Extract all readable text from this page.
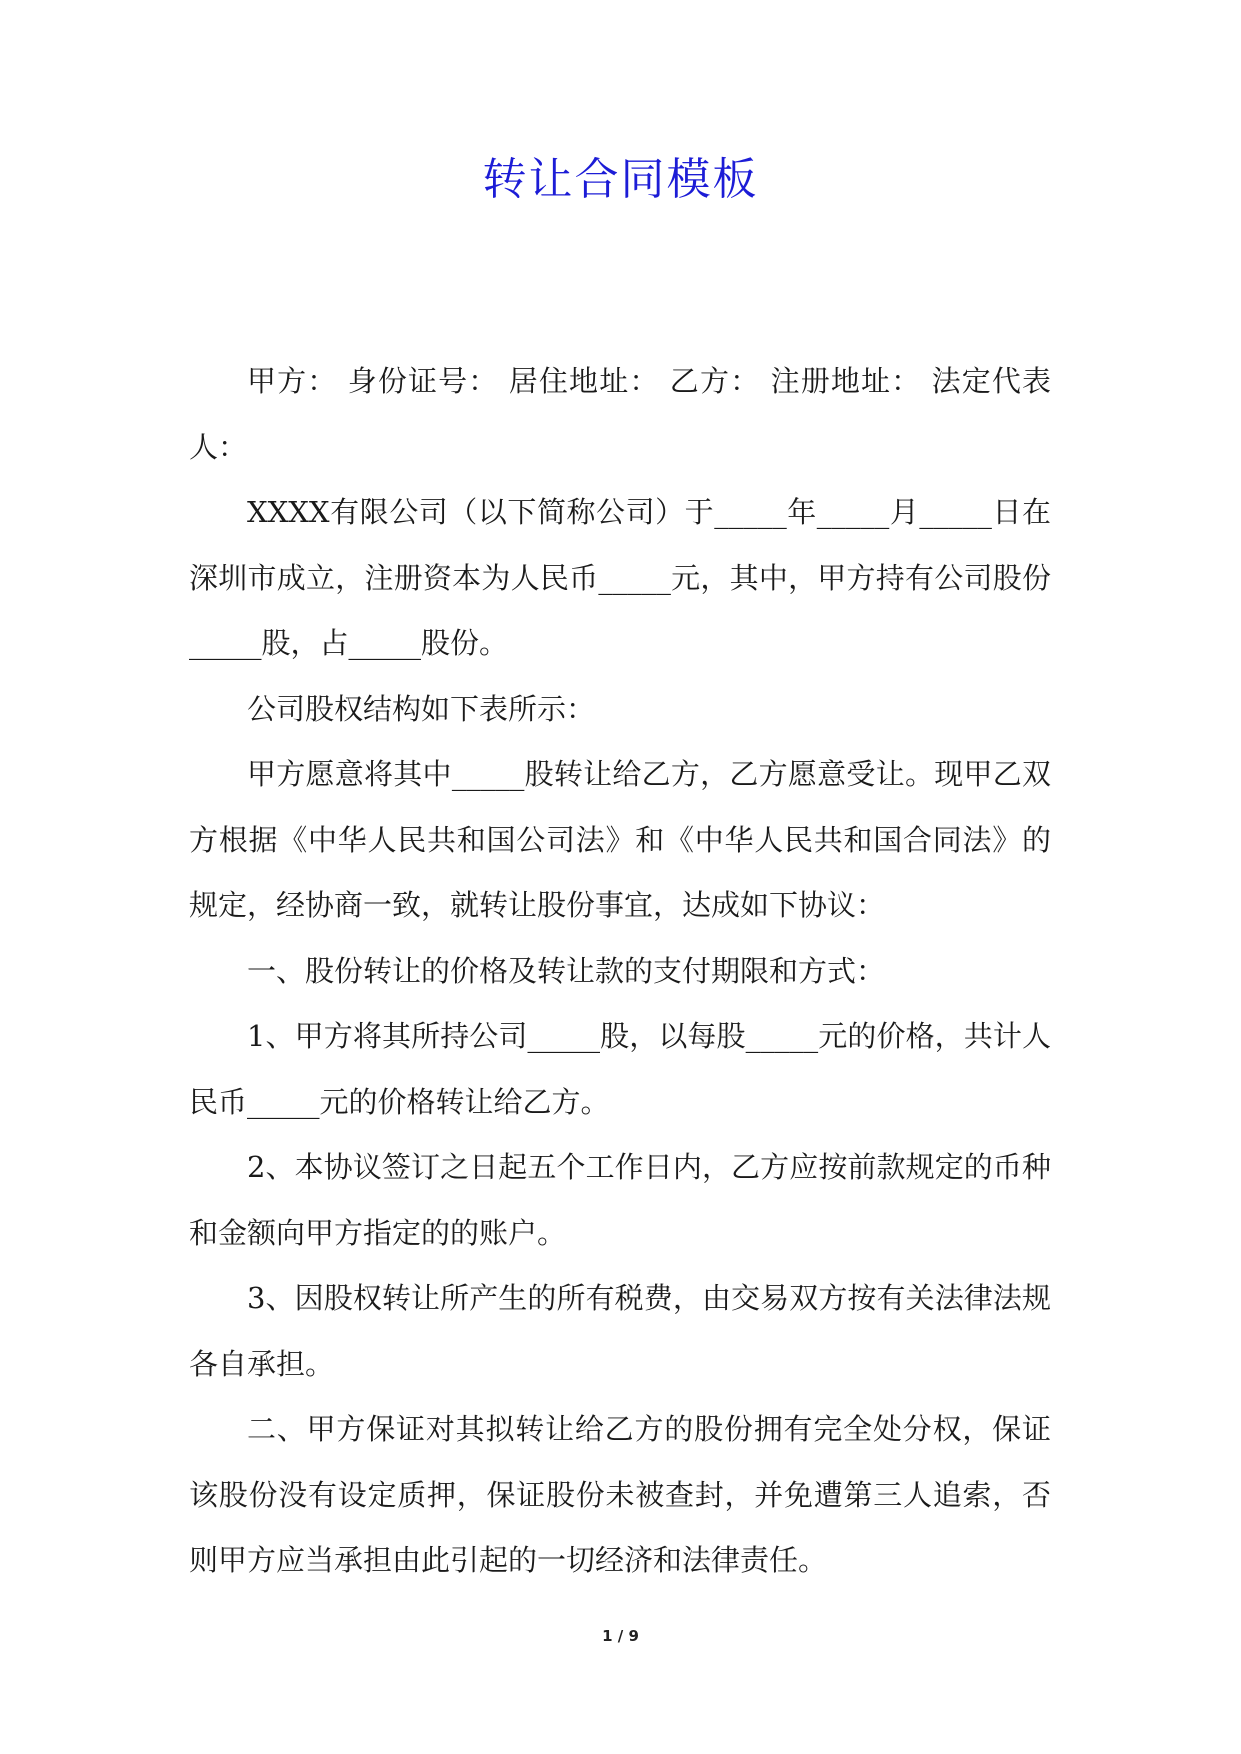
转让合同模板

甲方： 身份证号： 居住地址： 乙方： 注册地址： 法定代表人：

XXXX有限公司（以下简称公司）于_____年_____月_____日在深圳市成立，注册资本为人民币_____元，其中，甲方持有公司股份_____股，占_____股份。

公司股权结构如下表所示：

甲方愿意将其中_____股转让给乙方，乙方愿意受让。现甲乙双方根据《中华人民共和国公司法》和《中华人民共和国合同法》的规定，经协商一致，就转让股份事宜，达成如下协议：

一、股份转让的价格及转让款的支付期限和方式：

1、甲方将其所持公司_____股，以每股_____元的价格，共计人民币_____元的价格转让给乙方。

2、本协议签订之日起五个工作日内，乙方应按前款规定的币种和金额向甲方指定的的账户。

3、因股权转让所产生的所有税费，由交易双方按有关法律法规各自承担。

二、甲方保证对其拟转让给乙方的股份拥有完全处分权，保证该股份没有设定质押，保证股份未被查封，并免遭第三人追索，否则甲方应当承担由此引起的一切经济和法律责任。

1 / 9
